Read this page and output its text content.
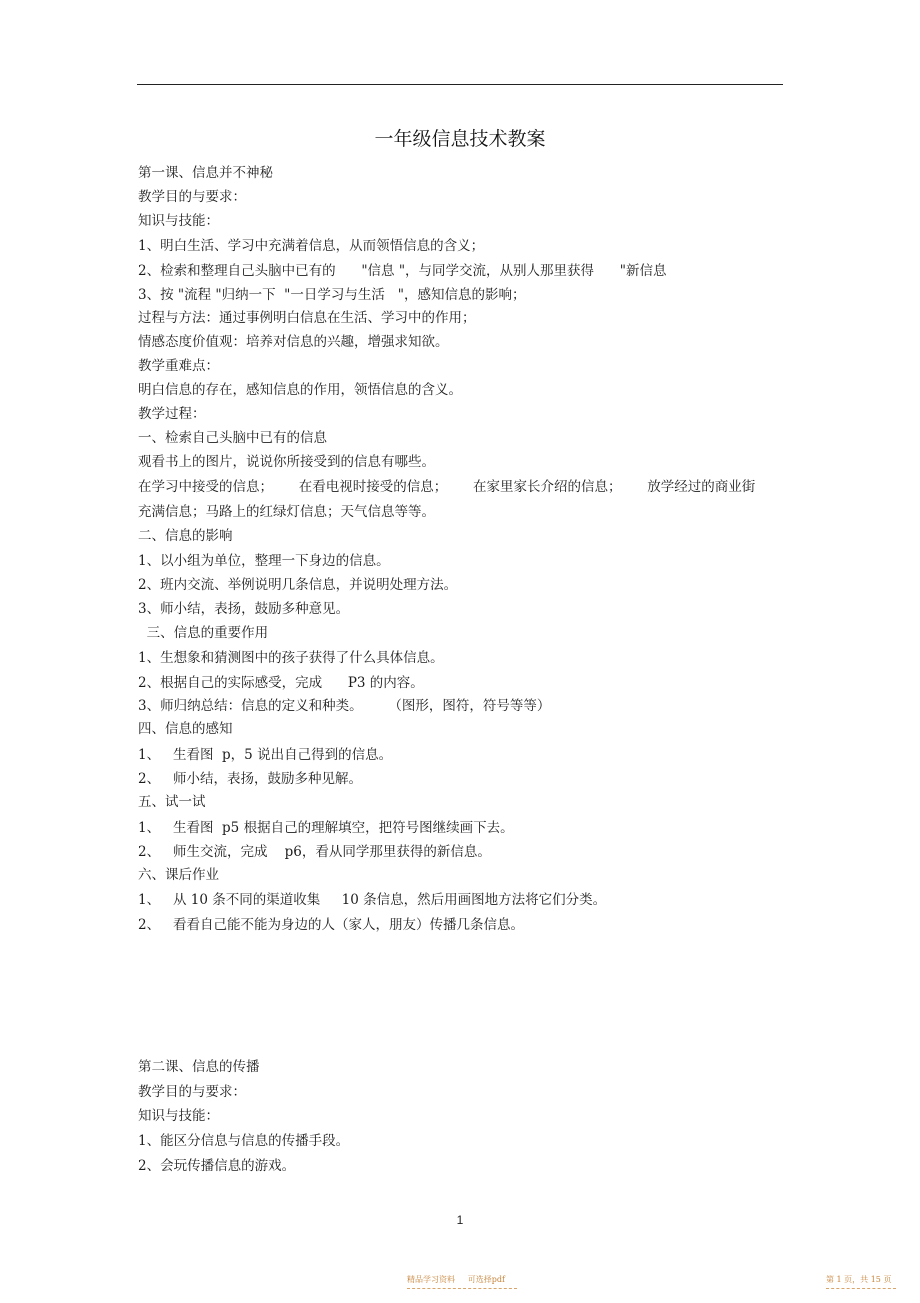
一年级信息技术教案
第一课、信息并不神秘
教学目的与要求：
知识与技能：
1、明白生活、学习中充满着信息，从而领悟信息的含义；
2、检索和整理自己头脑中已有的      "信息 "，与同学交流，从别人那里获得      "新信息
3、按 "流程 "归纳一下  "一日学习与生活   "，感知信息的影响；
过程与方法：通过事例明白信息在生活、学习中的作用；
情感态度价值观：培养对信息的兴趣，增强求知欲。
教学重难点：
明白信息的存在，感知信息的作用，领悟信息的含义。
教学过程：
一、检索自己头脑中已有的信息
观看书上的图片，说说你所接受到的信息有哪些。
在学习中接受的信息；      在看电视时接受的信息；      在家里家长介绍的信息；      放学经过的商业街
充满信息；马路上的红绿灯信息；天气信息等等。
二、信息的影响
1、以小组为单位，整理一下身边的信息。
2、班内交流、举例说明几条信息，并说明处理方法。
3、师小结，表扬，鼓励多种意见。
三、信息的重要作用
1、生想象和猜测图中的孩子获得了什么具体信息。
2、根据自己的实际感受，完成      P3 的内容。
3、师归纳总结：信息的定义和种类。      （图形，图符，符号等等）
四、信息的感知
1、   生看图  p，5 说出自己得到的信息。
2、   师小结，表扬，鼓励多种见解。
五、试一试
1、   生看图  p5 根据自己的理解填空，把符号图继续画下去。
2、   师生交流，完成    p6，看从同学那里获得的新信息。
六、课后作业
1、   从 10 条不同的渠道收集     10 条信息，然后用画图地方法将它们分类。
2、   看看自己能不能为身边的人（家人，朋友）传播几条信息。
第二课、信息的传播
教学目的与要求：
知识与技能：
1、能区分信息与信息的传播手段。
2、会玩传播信息的游戏。
1
精品学习资料     可选择pdf	第 1 页，共 15 页
